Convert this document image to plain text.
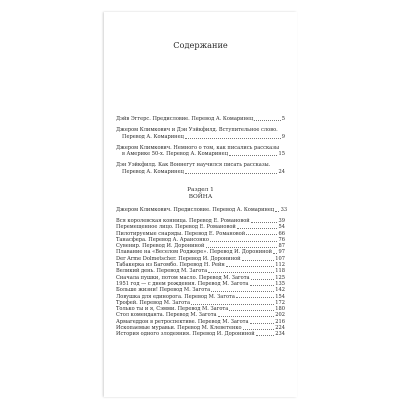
Содержание
Дэйв Эггерс. Предисловие. Перевод А. Комаринец	5
Джером Климкович и Дэн Уэйкфилд. Вступительное слово.
Перевод А. Комаринец	9
Джером Климкович. Немного о том, как писались рассказы
в Америке 50-х. Перевод А. Комаринец	15
Дэн Уэйкфилд. Как Воннегут научился писать рассказы.
Перевод А. Комаринец	24
Раздел 1
ВОЙНА
Джером Климкович. Предисловие. Перевод А. Комаринец 33
Вся королевская конница. Перевод Е. Романовой	39
Перемещенное лицо. Перевод Е. Романовой	54
Пилотируемые снаряды. Перевод Е. Романовой	66
Танасфера. Перевод А. Арансонко	76
Сувенир. Перевод И. Дорониной	87
Плавание на «Веселом Роджере». Перевод И. Дорониной 97
Der Arme Dolmetscher. Перевод И. Дорониной	107
Табакерка из Багомбо. Перевод Н. Рейн	112
Великий день. Перевод М. Загота	118
Сначала пушки, потом масло. Перевод М. Загота	125
1951 год — с днем рождения. Перевод М. Загота	135
Больше жизни! Перевод М. Загота	142
Ловушка для единорога. Перевод М. Загота	154
Трофей. Перевод М. Загота	172
Только ты и я, Сэмми. Перевод М. Загота	180
Стол коменданта. Перевод М. Загота	202
Армагеддон в ретроспективе. Перевод М. Загота	216
Ископаемые муравьи. Перевод М. Клеветенко	224
История одного злодеяния. Перевод И. Дорониной	234
